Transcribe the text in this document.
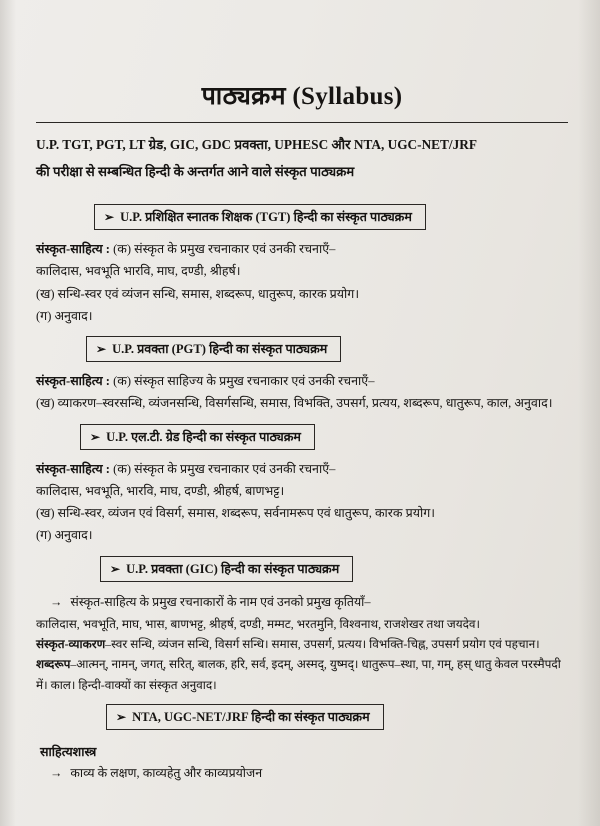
पाठ्यक्रम (Syllabus)
U.P. TGT, PGT, LT ग्रेड, GIC, GDC प्रवक्ता, UPHESC और NTA, UGC-NET/JRF
की परीक्षा से सम्बन्धित हिन्दी के अन्तर्गत आने वाले संस्कृत पाठ्यक्रम
➢ U.P. प्रशिक्षित स्नातक शिक्षक (TGT) हिन्दी का संस्कृत पाठ्यक्रम
संस्कृत-साहित्य : (क) संस्कृत के प्रमुख रचनाकार एवं उनकी रचनाएँ–
कालिदास, भवभूति भारवि, माघ, दण्डी, श्रीहर्ष।
(ख) सन्धि-स्वर एवं व्यंजन सन्धि, समास, शब्दरूप, धातुरूप, कारक प्रयोग।
(ग) अनुवाद।
➢ U.P. प्रवक्ता (PGT) हिन्दी का संस्कृत पाठ्यक्रम
संस्कृत-साहित्य : (क) संस्कृत साहिज्य के प्रमुख रचनाकार एवं उनकी रचनाएँ–
(ख) व्याकरण–स्वरसन्धि, व्यंजनसन्धि, विसर्गसन्धि, समास, विभक्ति, उपसर्ग, प्रत्यय, शब्दरूप, धातुरूप, काल, अनुवाद।
➢ U.P. एल.टी. ग्रेड हिन्दी का संस्कृत पाठ्यक्रम
संस्कृत-साहित्य : (क) संस्कृत के प्रमुख रचनाकार एवं उनकी रचनाएँ–
कालिदास, भवभूति, भारवि, माघ, दण्डी, श्रीहर्ष, बाणभट्ट।
(ख) सन्धि-स्वर, व्यंजन एवं विसर्ग, समास, शब्दरूप, सर्वनामरूप एवं धातुरूप, कारक प्रयोग।
(ग) अनुवाद।
➢ U.P. प्रवक्ता (GIC) हिन्दी का संस्कृत पाठ्यक्रम
→ संस्कृत-साहित्य के प्रमुख रचनाकारों के नाम एवं उनको प्रमुख कृतियाँ–
कालिदास, भवभूति, माघ, भास, बाणभट्ट, श्रीहर्ष, दण्डी, मम्मट, भरतमुनि, विश्वनाथ, राजशेखर तथा जयदेव।
संस्कृत-व्याकरण–स्वर सन्धि, व्यंजन सन्धि, विसर्ग सन्धि। समास, उपसर्ग, प्रत्यय। विभक्ति-चिह्न, उपसर्ग प्रयोग एवं पहचान।
शब्दरूप–आत्मन्, नामन्, जगत्, सरित्, बालक, हरि, सर्व, इदम्, अस्मद्, युष्मद्। धातुरूप–स्था, पा, गम्, हस् धातु केवल परस्मैपदी
में। काल। हिन्दी-वाक्यों का संस्कृत अनुवाद।
➢ NTA, UGC-NET/JRF हिन्दी का संस्कृत पाठ्यक्रम
साहित्यशास्त्र
→ काव्य के लक्षण, काव्यहेतु और काव्यप्रयोजन
